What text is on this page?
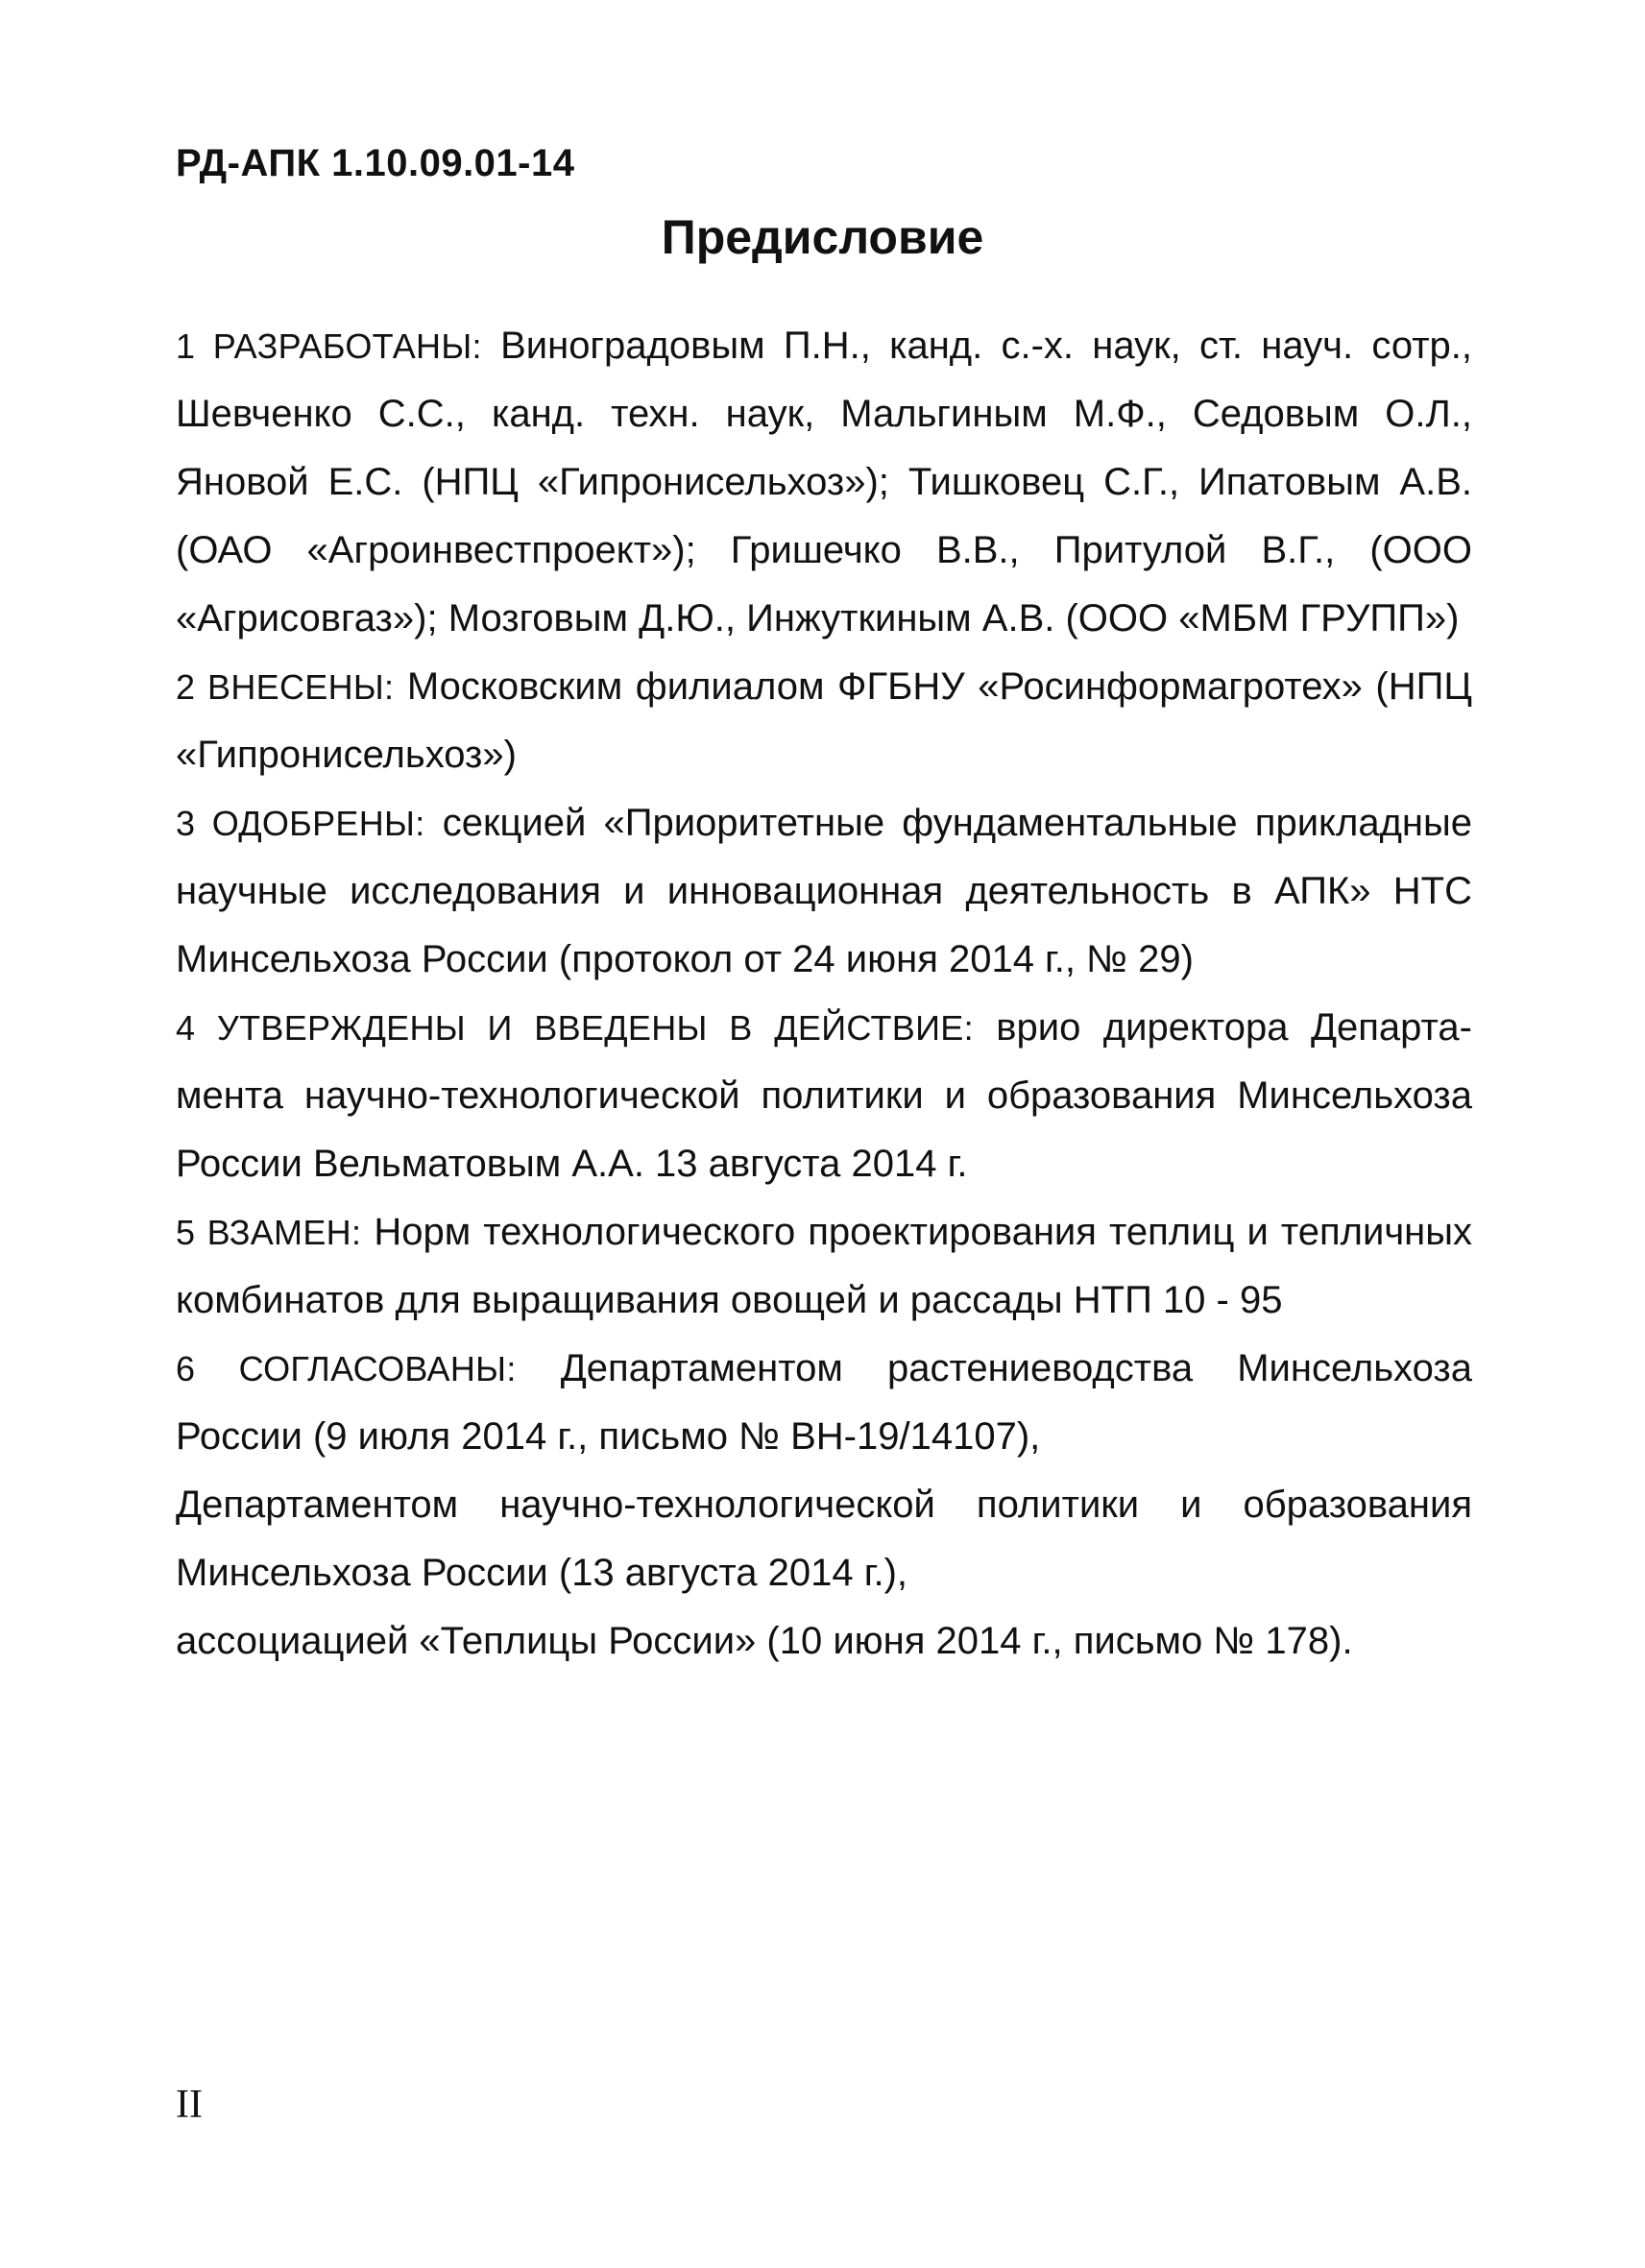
РД-АПК 1.10.09.01-14

Предисловие

1 РАЗРАБОТАНЫ: Виноградовым П.Н., канд. с.-х. наук, ст. науч. сотр., Шевченко С.С., канд. техн. наук, Мальгиным М.Ф., Седовым О.Л., Яновой Е.С. (НПЦ «Гипронисельхоз»); Тишковец С.Г., Ипатовым А.В. (ОАО «Агроинвестпроект»); Гришечко В.В., Притулой В.Г., (ООО «Агрисовгаз»); Мозговым Д.Ю., Инжуткиным А.В. (ООО «МБМ ГРУПП»)

2 ВНЕСЕНЫ: Московским филиалом ФГБНУ «Росинформагротех» (НПЦ «Гипронисельхоз»)

3 ОДОБРЕНЫ: секцией «Приоритетные фундаментальные прикладные научные исследования и инновационная деятельность в АПК» НТС Минсельхоза России (протокол от 24 июня 2014 г., № 29)

4 УТВЕРЖДЕНЫ И ВВЕДЕНЫ В ДЕЙСТВИЕ: врио директора Департамента научно-технологической политики и образования Минсельхоза России Вельматовым А.А. 13 августа 2014 г.

5 ВЗАМЕН: Норм технологического проектирования теплиц и тепличных комбинатов для выращивания овощей и рассады НТП 10 - 95

6 СОГЛАСОВАНЫ: Департаментом растениеводства Минсельхоза России (9 июля 2014 г., письмо № ВН-19/14107),

Департаментом научно-технологической политики и образования Минсельхоза России (13 августа 2014 г.),

ассоциацией «Теплицы России» (10 июня 2014 г., письмо № 178).

II
